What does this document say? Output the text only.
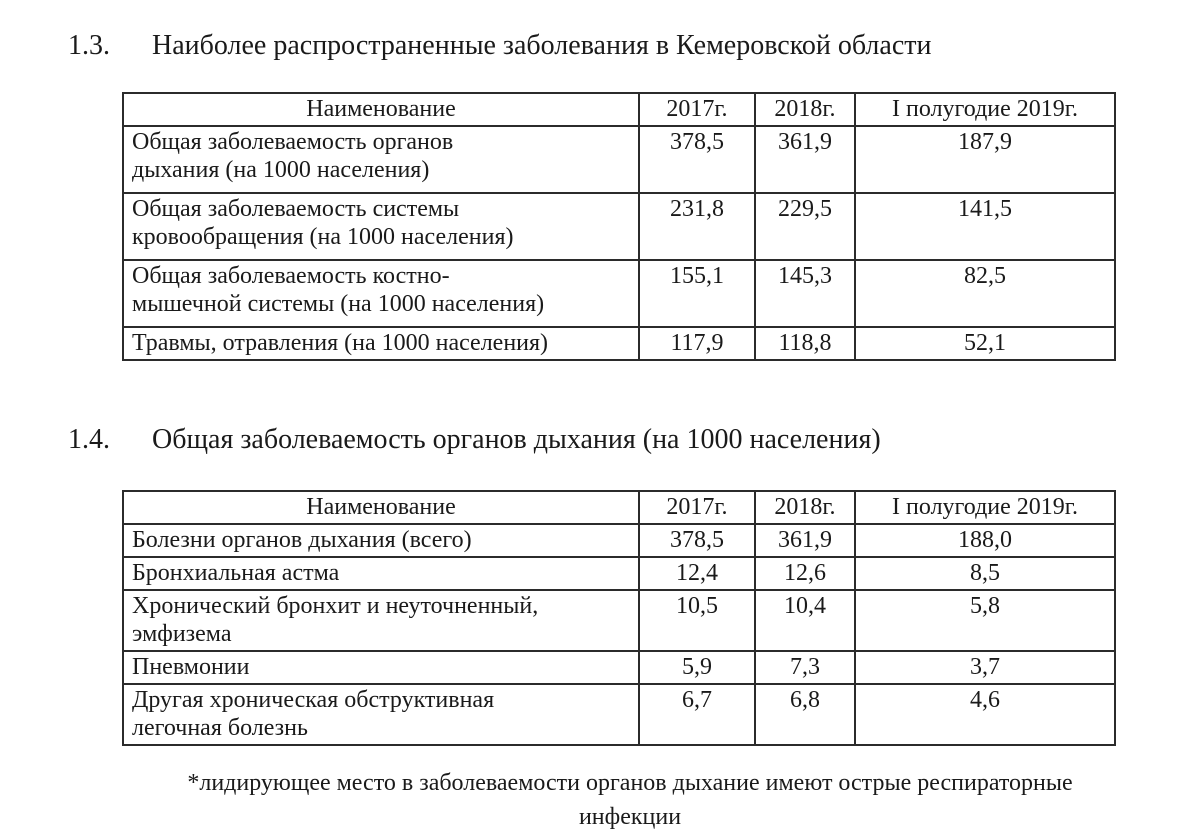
1.3. Наиболее распространенные заболевания в Кемеровской области
Наименование	2017г.	2018г.	I полугодие 2019г.
Общая заболеваемость органов
дыхания (на 1000 населения)	378,5	361,9	187,9
Общая заболеваемость системы
кровообращения (на 1000 населения)	231,8	229,5	141,5
Общая заболеваемость костно-
мышечной системы (на 1000 населения)	155,1	145,3	82,5
Травмы, отравления (на 1000 населения)	117,9	118,8	52,1
1.4. Общая заболеваемость органов дыхания (на 1000 населения)
Наименование	2017г.	2018г.	I полугодие 2019г.
Болезни органов дыхания (всего)	378,5	361,9	188,0
Бронхиальная астма	12,4	12,6	8,5
Хронический бронхит и неуточненный,
эмфизема	10,5	10,4	5,8
Пневмонии	5,9	7,3	3,7
Другая хроническая обструктивная
легочная болезнь	6,7	6,8	4,6
*лидирующее место в заболеваемости органов дыхание имеют острые респираторные
инфекции
